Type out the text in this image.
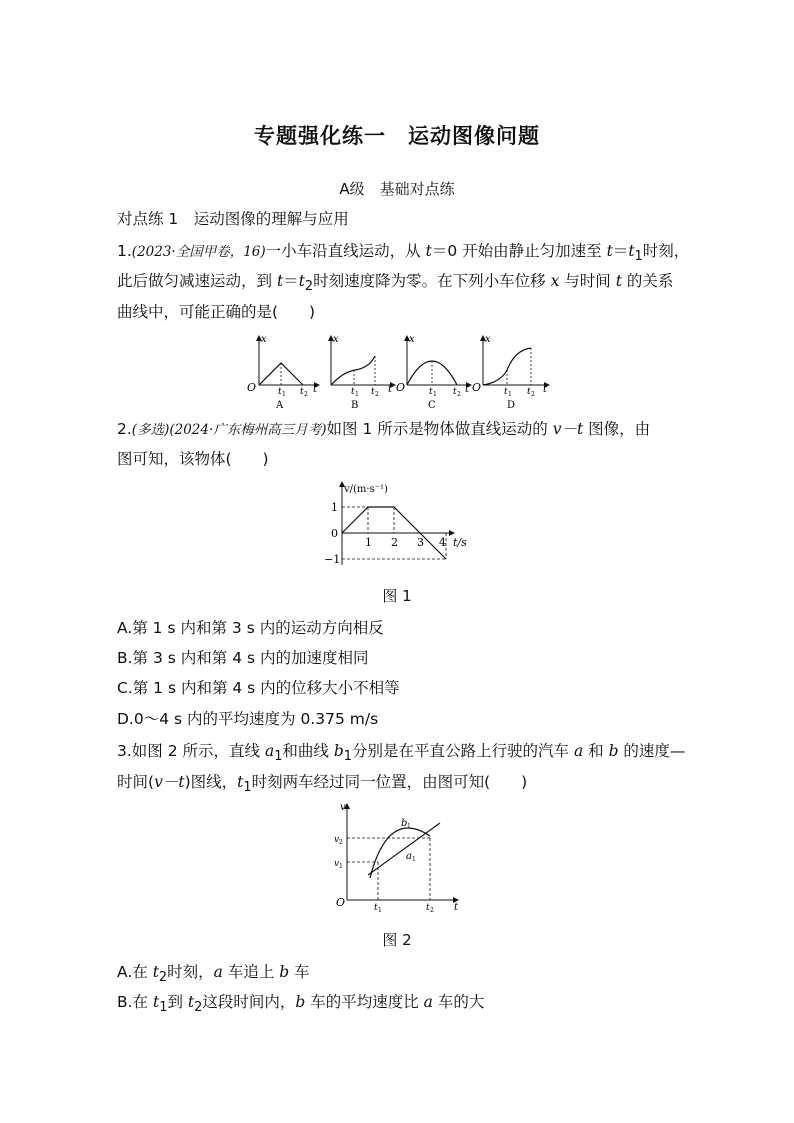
专题强化练一　运动图像问题
A级　基础对点练
对点练 1　运动图像的理解与应用
1.(2023·全国甲卷，16)一小车沿直线运动，从 t＝0 开始由静止匀加速至 $t=t_1$时刻，
此后做匀减速运动，到 $t=t_2$时刻速度降为零。在下列小车位移 x 与时间 t 的关系
曲线中，可能正确的是(　　)
x
O	t
t 1 t 2
A
x
t
t 1 t 2
B
x
O	t
t 1 t 2
C
x
O	t
t 1 t 2
D
2.(多选)(2024·广东梅州高三月考)如图 1 所示是物体做直线运动的 v－t 图像，由
图可知，该物体(　　)
v/(m·s⁻¹)
1
0
−1
1 2 3 4 t/s
图 1
A.第 1 s 内和第 3 s 内的运动方向相反
B.第 3 s 内和第 4 s 内的加速度相同
C.第 1 s 内和第 4 s 内的位移大小不相等
D.0～4 s 内的平均速度为 0.375 m/s
3.如图 2 所示，直线 $a_1$和曲线 $b_1$分别是在平直公路上行驶的汽车 a 和 b 的速度—
时间(v－t)图线，$t_1$时刻两车经过同一位置，由图可知(　　)
v
O	t
v 1
v 2
t 1	t 2
b 1
a 1
图 2
A.在 $t_2$时刻，a 车追上 b 车
B.在 $t_1$到 $t_2$这段时间内，b 车的平均速度比 a 车的大
